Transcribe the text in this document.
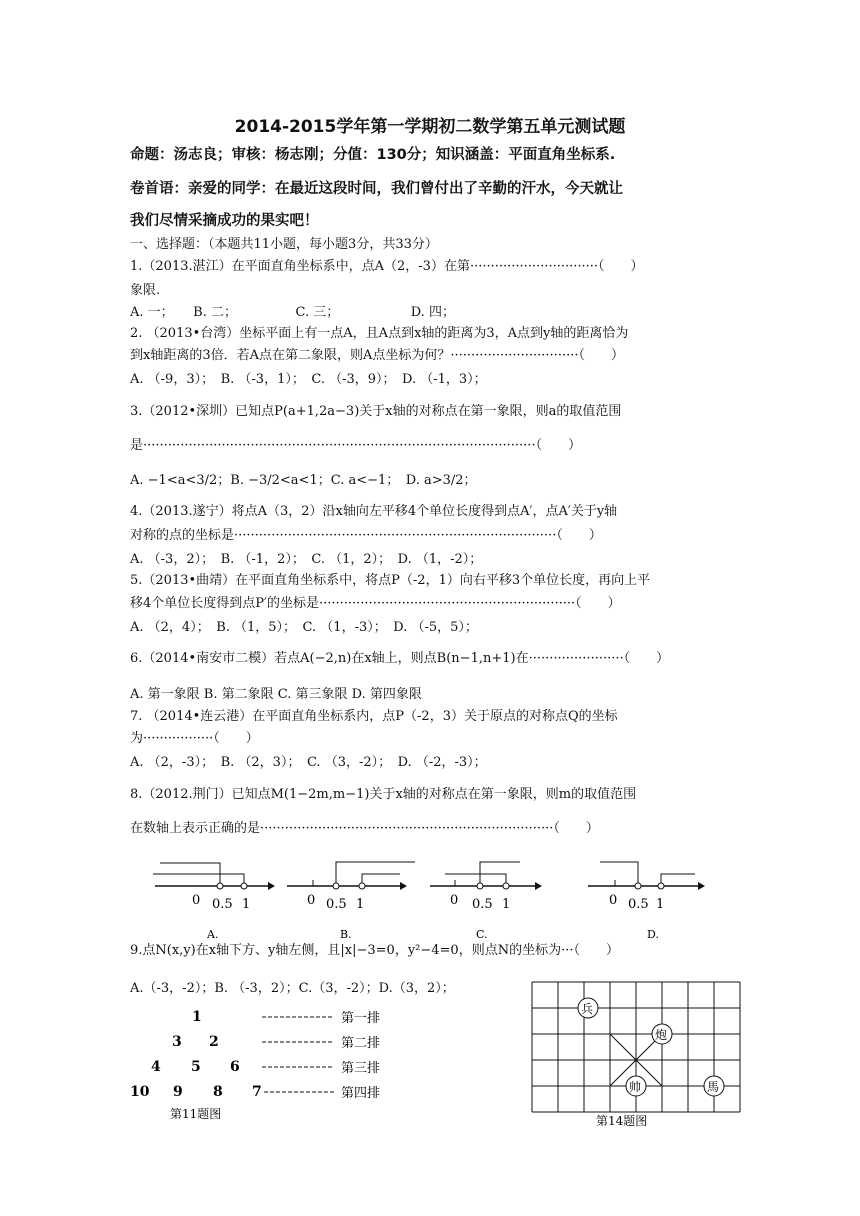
2014-2015学年第一学期初二数学第五单元测试题
命题：汤志良；审核：杨志刚；分值：130分；知识涵盖：平面直角坐标系.
卷首语：亲爱的同学：在最近这段时间，我们曾付出了辛勤的汗水，今天就让
我们尽情采摘成功的果实吧！
一、选择题：（本题共11小题，每小题3分，共33分）
1.（2013.湛江）在平面直角坐标系中，点A（2，-3）在第·······························（　　）
象限.
A. 一；　　B. 二；　　　　　C. 三；　　　　　　D. 四；
2. （2013•台湾）坐标平面上有一点A，且A点到x轴的距离为3，A点到y轴的距离恰为
到x轴距离的3倍．若A点在第二象限，则A点坐标为何？·······························（　　）
A. （-9，3）；　B. （-3，1）；　C. （-3，9）；　D. （-1，3）；
3.（2012•深圳）已知点P(a+1,2a−3)关于x轴的对称点在第一象限，则a的取值范围
是·······························································································（　　）
A. −1<a<3/2；B. −3/2<a<1；C. a<−1；　D. a>3/2；
4.（2013.遂宁）将点A（3，2）沿x轴向左平移4个单位长度得到点A′，点A′关于y轴
对称的点的坐标是··············································································（　　）
A. （-3，2）；　B. （-1，2）；　C. （1，2）；　D. （1，-2）；
5.（2013•曲靖）在平面直角坐标系中，将点P（-2，1）向右平移3个单位长度，再向上平
移4个单位长度得到点P′的坐标是······························································（　　）
A. （2，4）；　B. （1，5）；　C. （1，-3）；　D. （-5，5）；
6.（2014•南安市二模）若点A(−2,n)在x轴上，则点B(n−1,n+1)在·······················（　　）
A. 第一象限 B. 第二象限 C. 第三象限 D. 第四象限
7. （2014•连云港）在平面直角坐标系内，点P（-2，3）关于原点的对称点Q的坐标
为·················（　　）
A. （2，-3）；　B. （2，3）；　C. （3，-2）；　D. （-2，-3）；
8.（2012.荆门）已知点M(1−2m,m−1)关于x轴的对称点在第一象限，则m的取值范围
在数轴上表示正确的是·······································································（　　）
0 0.5 1
A.
0 0.5 1
B.
0 0.5 1
C.
0 0.5 1
D.
9.点N(x,y)在x轴下方、y轴左侧，且|x|−3=0，y²−4=0，则点N的坐标为···（　　）
A.（-3，-2）；B. （-3，2）；C.（3，-2）；D.（3，2）；
1
3 2
4 5 6
10 9 8 7
第一排
第二排
第三排
第四排
第11题图
兵
炮
帅	馬
第14题图
